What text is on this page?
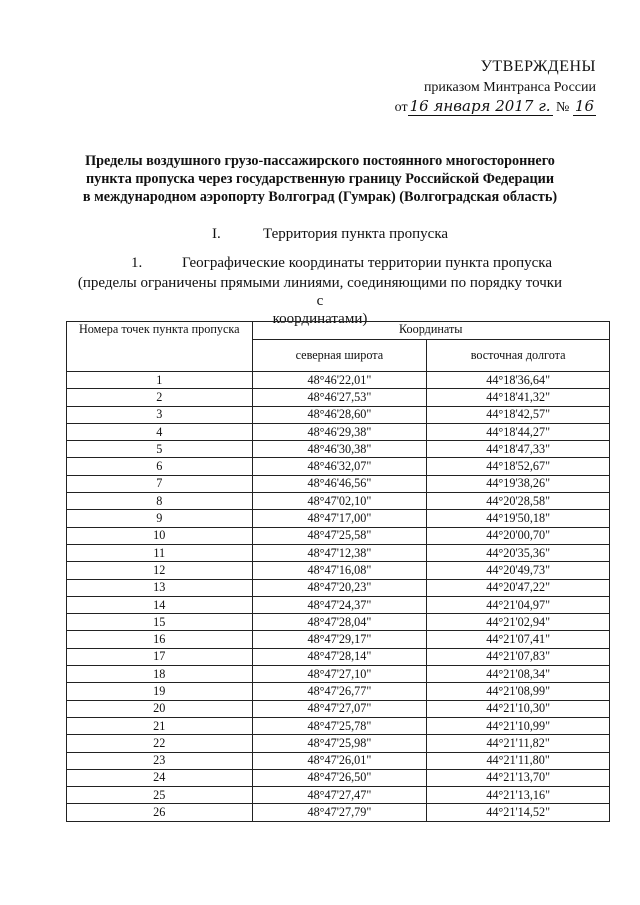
УТВЕРЖДЕНЫ
приказом Минтранса России
от 16 января 2017 г. № 16
Пределы воздушного грузо-пассажирского постоянного многостороннего
пункта пропуска через государственную границу Российской Федерации
в международном аэропорту Волгоград (Гумрак) (Волгоградская область)
I.	Территория пункта пропуска
1.	Географические координаты территории пункта пропуска
(пределы ограничены прямыми линиями, соединяющими по порядку точки с
координатами)
Номера точек пункта пропуска	Координаты	
	северная широта	восточная долгота
1	48°46'22,01"	44°18'36,64"
2	48°46'27,53"	44°18'41,32"
3	48°46'28,60"	44°18'42,57"
4	48°46'29,38"	44°18'44,27"
5	48°46'30,38"	44°18'47,33"
6	48°46'32,07"	44°18'52,67"
7	48°46'46,56"	44°19'38,26"
8	48°47'02,10"	44°20'28,58"
9	48°47'17,00"	44°19'50,18"
10	48°47'25,58"	44°20'00,70"
11	48°47'12,38"	44°20'35,36"
12	48°47'16,08"	44°20'49,73"
13	48°47'20,23"	44°20'47,22"
14	48°47'24,37"	44°21'04,97"
15	48°47'28,04"	44°21'02,94"
16	48°47'29,17"	44°21'07,41"
17	48°47'28,14"	44°21'07,83"
18	48°47'27,10"	44°21'08,34"
19	48°47'26,77"	44°21'08,99"
20	48°47'27,07"	44°21'10,30"
21	48°47'25,78"	44°21'10,99"
22	48°47'25,98"	44°21'11,82"
23	48°47'26,01"	44°21'11,80"
24	48°47'26,50"	44°21'13,70"
25	48°47'27,47"	44°21'13,16"
26	48°47'27,79"	44°21'14,52"
